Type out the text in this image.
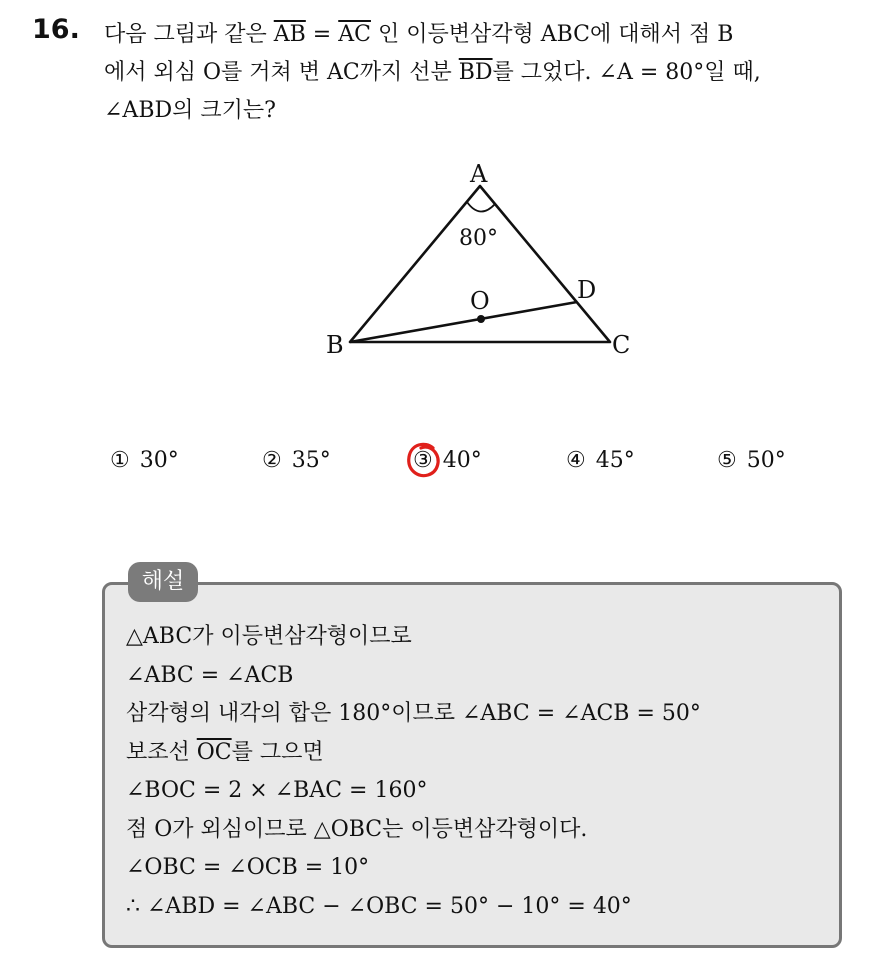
16. 다음 그림과 같은 $\overline{AB} = \overline{AC}$ 인 이등변삼각형 ABC에 대해서 점 B
에서 외심 O를 거쳐 변 AC까지 선분 $\overline{BD}$를 그었다. ∠A = 80°일 때,
∠ABD의 크기는?
A
B	C
D
O
80°
① 30°	② 35°	③ 40°	④ 45°	⑤ 50°
해설
△ABC가 이등변삼각형이므로
∠ABC = ∠ACB
삼각형의 내각의 합은 180°이므로 ∠ABC = ∠ACB = 50°
보조선 $\overline{OC}$를 그으면
∠BOC = 2 × ∠BAC = 160°
점 O가 외심이므로 △OBC는 이등변삼각형이다.
∠OBC = ∠OCB = 10°
∴ ∠ABD = ∠ABC − ∠OBC = 50° − 10° = 40°
